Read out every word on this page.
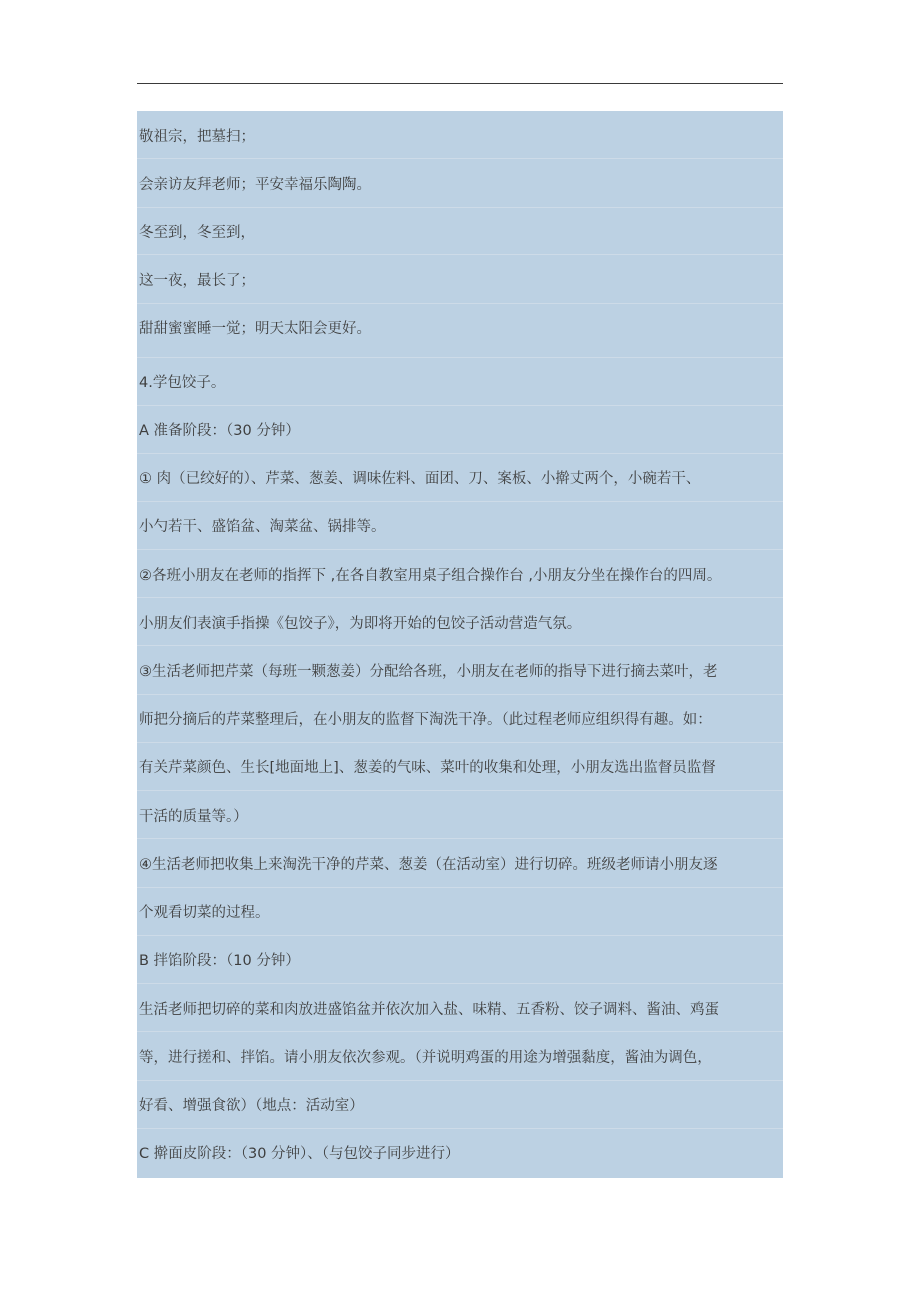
敬祖宗，把墓扫；
会亲访友拜老师；平安幸福乐陶陶。
冬至到，冬至到，
这一夜，最长了；
甜甜蜜蜜睡一觉；明天太阳会更好。
4.学包饺子。
A 准备阶段：（30 分钟）
① 肉（已绞好的）、芹菜、葱姜、调味佐料、面团、刀、案板、小擀丈两个，小碗若干、
小勺若干、盛馅盆、淘菜盆、锅排等。
②各班小朋友在老师的指挥下 ,在各自教室用桌子组合操作台 ,小朋友分坐在操作台的四周。
小朋友们表演手指操《包饺子》，为即将开始的包饺子活动营造气氛。
③生活老师把芹菜（每班一颗葱姜）分配给各班，小朋友在老师的指导下进行摘去菜叶，老
师把分摘后的芹菜整理后，在小朋友的监督下淘洗干净。（此过程老师应组织得有趣。如：
有关芹菜颜色、生长[地面地上]、葱姜的气味、菜叶的收集和处理，小朋友选出监督员监督
干活的质量等。）
④生活老师把收集上来淘洗干净的芹菜、葱姜（在活动室）进行切碎。班级老师请小朋友逐
个观看切菜的过程。
B 拌馅阶段：（10 分钟）
生活老师把切碎的菜和肉放进盛馅盆并依次加入盐、味精、五香粉、饺子调料、酱油、鸡蛋
等，进行搓和、拌馅。请小朋友依次参观。（并说明鸡蛋的用途为增强黏度，酱油为调色，
好看、增强食欲）（地点：活动室）
C 擀面皮阶段：（30 分钟）、（与包饺子同步进行）
